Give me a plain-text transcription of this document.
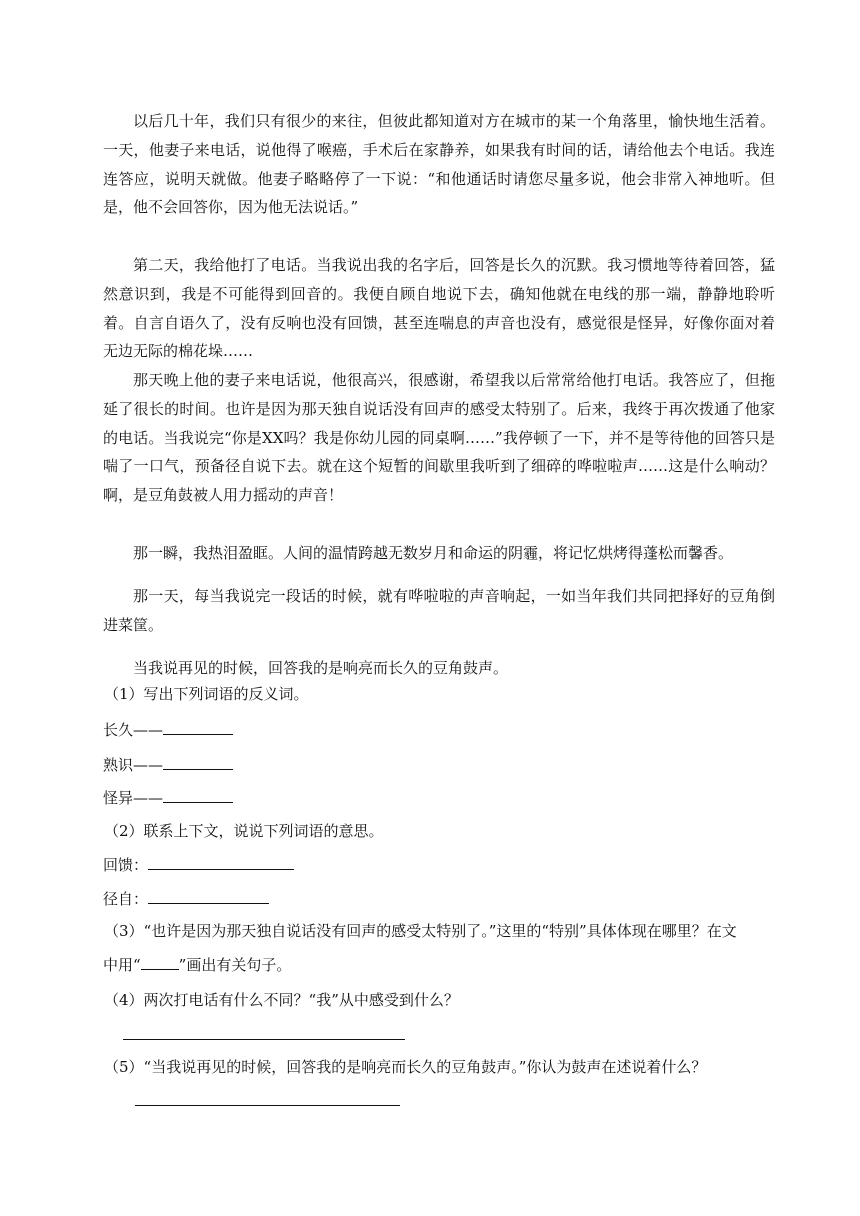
以后几十年，我们只有很少的来往，但彼此都知道对方在城市的某一个角落里，愉快地生活着。一天，他妻子来电话，说他得了喉癌，手术后在家静养，如果我有时间的话，请给他去个电话。我连连答应，说明天就做。他妻子略略停了一下说：“和他通话时请您尽量多说，他会非常入神地听。但是，他不会回答你，因为他无法说话。”

第二天，我给他打了电话。当我说出我的名字后，回答是长久的沉默。我习惯地等待着回答，猛然意识到，我是不可能得到回音的。我便自顾自地说下去，确知他就在电线的那一端，静静地聆听着。自言自语久了，没有反响也没有回馈，甚至连喘息的声音也没有，感觉很是怪异，好像你面对着无边无际的棉花垛……

那天晚上他的妻子来电话说，他很高兴，很感谢，希望我以后常常给他打电话。我答应了，但拖延了很长的时间。也许是因为那天独自说话没有回声的感受太特别了。后来，我终于再次拨通了他家的电话。当我说完“你是XX吗？我是你幼儿园的同桌啊……”我停顿了一下，并不是等待他的回答只是喘了一口气，预备径自说下去。就在这个短暂的间歇里我听到了细碎的哗啦啦声……这是什么响动？啊，是豆角鼓被人用力摇动的声音！

那一瞬，我热泪盈眶。人间的温情跨越无数岁月和命运的阴霾，将记忆烘烤得蓬松而馨香。

那一天，每当我说完一段话的时候，就有哗啦啦的声音响起，一如当年我们共同把择好的豆角倒进菜筐。

当我说再见的时候，回答我的是响亮而长久的豆角鼓声。

（1）写出下列词语的反义词。

长久——

熟识——

怪异——

（2）联系上下文，说说下列词语的意思。

回馈：

径自：

（3）“也许是因为那天独自说话没有回声的感受太特别了。”这里的“特别”具体体现在哪里？在文

中用“	”画出有关句子。

（4）两次打电话有什么不同？“我”从中感受到什么？

（5）“当我说再见的时候，回答我的是响亮而长久的豆角鼓声。”你认为鼓声在述说着什么？
